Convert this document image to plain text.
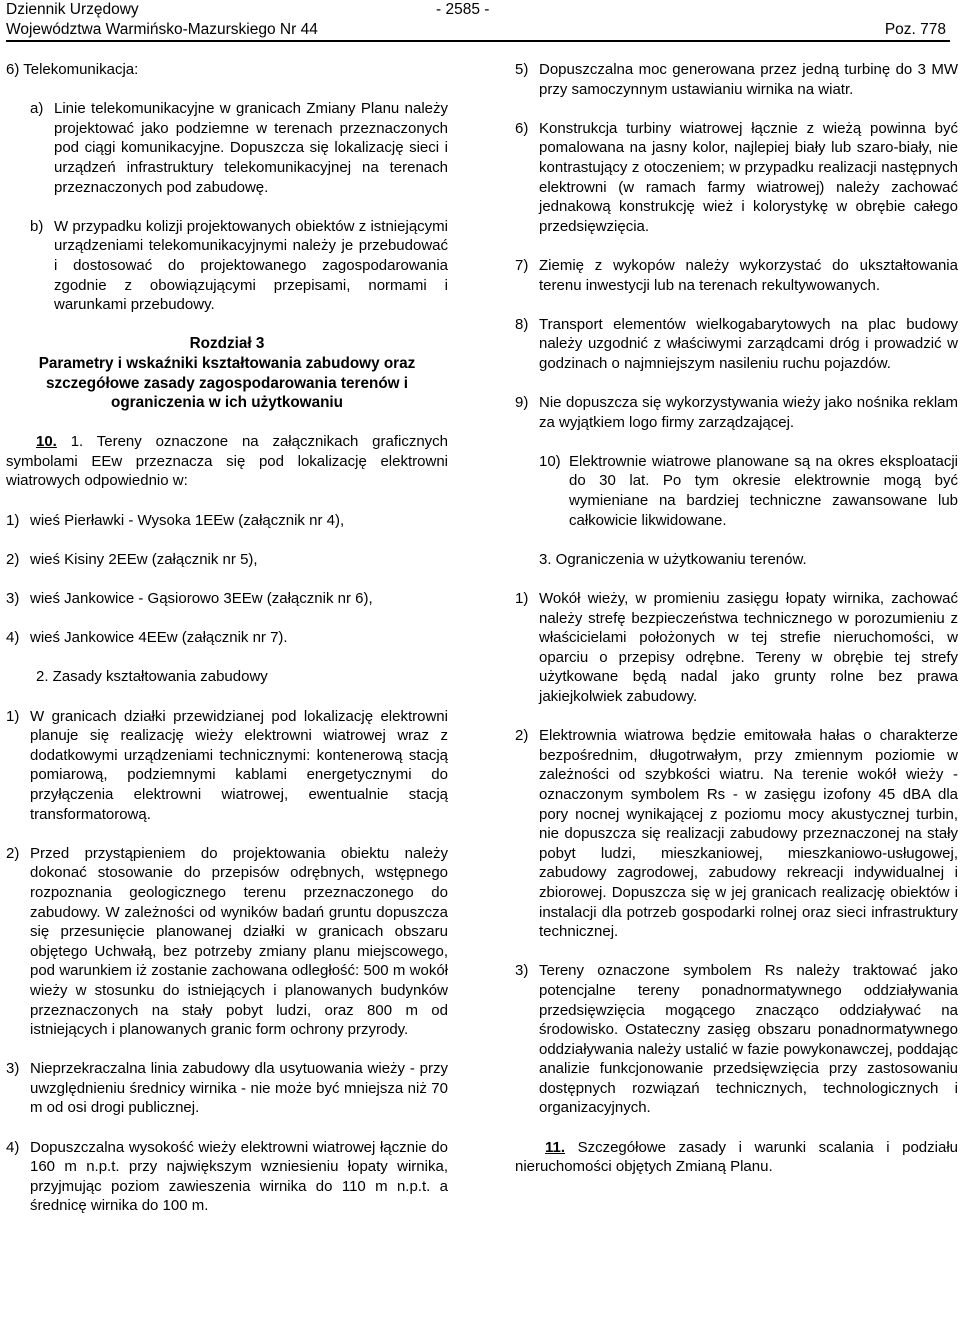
Dziennik Urzędowy
Województwa Warmińsko-Mazurskiego Nr 44
- 2585 -
Poz. 778

6) Telekomunikacja:

a) Linie telekomunikacyjne w granicach Zmiany Planu należy projektować jako podziemne w terenach przeznaczonych pod ciągi komunikacyjne. Dopuszcza się lokalizację sieci i urządzeń infrastruktury telekomunikacyjnej na terenach przeznaczonych pod zabudowę.
b) W przypadku kolizji projektowanych obiektów z istniejącymi urządzeniami telekomunikacyjnymi należy je przebudować i dostosować do projektowanego zagospodarowania zgodnie z obowiązującymi przepisami, normami i warunkami przebudowy.

Rozdział 3

Parametry i wskaźniki kształtowania zabudowy oraz szczegółowe zasady zagospodarowania terenów i ograniczenia w ich użytkowaniu

10. 1. Tereny oznaczone na załącznikach graficznych symbolami EEw przeznacza się pod lokalizację elektrowni wiatrowych odpowiednio w:

1) wieś Pierławki - Wysoka 1EEw (załącznik nr 4),
2) wieś Kisiny 2EEw (załącznik nr 5),
3) wieś Jankowice - Gąsiorowo 3EEw (załącznik nr 6),
4) wieś Jankowice 4EEw (załącznik nr 7).

2. Zasady kształtowania zabudowy

1) W granicach działki przewidzianej pod lokalizację elektrowni planuje się realizację wieży elektrowni wiatrowej wraz z dodatkowymi urządzeniami technicznymi: kontenerową stacją pomiarową, podziemnymi kablami energetycznymi do przyłączenia elektrowni wiatrowej, ewentualnie stacją transformatorową.
2) Przed przystąpieniem do projektowania obiektu należy dokonać stosowanie do przepisów odrębnych, wstępnego rozpoznania geologicznego terenu przeznaczonego do zabudowy. W zależności od wyników badań gruntu dopuszcza się przesunięcie planowanej działki w granicach obszaru objętego Uchwałą, bez potrzeby zmiany planu miejscowego, pod warunkiem iż zostanie zachowana odległość: 500 m wokół wieży w stosunku do istniejących i planowanych budynków przeznaczonych na stały pobyt ludzi, oraz 800 m od istniejących i planowanych granic form ochrony przyrody.
3) Nieprzekraczalna linia zabudowy dla usytuowania wieży - przy uwzględnieniu średnicy wirnika - nie może być mniejsza niż 70 m od osi drogi publicznej.
4) Dopuszczalna wysokość wieży elektrowni wiatrowej łącznie do 160 m n.p.t. przy największym wzniesieniu łopaty wirnika, przyjmując poziom zawieszenia wirnika do 110 m n.p.t. a średnicę wirnika do 100 m.
5) Dopuszczalna moc generowana przez jedną turbinę do 3 MW przy samoczynnym ustawianiu wirnika na wiatr.
6) Konstrukcja turbiny wiatrowej łącznie z wieżą powinna być pomalowana na jasny kolor, najlepiej biały lub szaro-biały, nie kontrastujący z otoczeniem; w przypadku realizacji następnych elektrowni (w ramach farmy wiatrowej) należy zachować jednakową konstrukcję wież i kolorystykę w obrębie całego przedsięwzięcia.
7) Ziemię z wykopów należy wykorzystać do ukształtowania terenu inwestycji lub na terenach rekultywowanych.
8) Transport elementów wielkogabarytowych na plac budowy należy uzgodnić z właściwymi zarządcami dróg i prowadzić w godzinach o najmniejszym nasileniu ruchu pojazdów.
9) Nie dopuszcza się wykorzystywania wieży jako nośnika reklam za wyjątkiem logo firmy zarządzającej.
10) Elektrownie wiatrowe planowane są na okres eksploatacji do 30 lat. Po tym okresie elektrownie mogą być wymieniane na bardziej techniczne zawansowane lub całkowicie likwidowane.

3. Ograniczenia w użytkowaniu terenów.

1) Wokół wieży, w promieniu zasięgu łopaty wirnika, zachować należy strefę bezpieczeństwa technicznego w porozumieniu z właścicielami położonych w tej strefie nieruchomości, w oparciu o przepisy odrębne. Tereny w obrębie tej strefy użytkowane będą nadal jako grunty rolne bez prawa jakiejkolwiek zabudowy.
2) Elektrownia wiatrowa będzie emitowała hałas o charakterze bezpośrednim, długotrwałym, przy zmiennym poziomie w zależności od szybkości wiatru. Na terenie wokół wieży - oznaczonym symbolem Rs - w zasięgu izofony 45 dBA dla pory nocnej wynikającej z poziomu mocy akustycznej turbin, nie dopuszcza się realizacji zabudowy przeznaczonej na stały pobyt ludzi, mieszkaniowej, mieszkaniowo-usługowej, zabudowy zagrodowej, zabudowy rekreacji indywidualnej i zbiorowej. Dopuszcza się w jej granicach realizację obiektów i instalacji dla potrzeb gospodarki rolnej oraz sieci infrastruktury technicznej.
3) Tereny oznaczone symbolem Rs należy traktować jako potencjalne tereny ponadnormatywnego oddziaływania przedsięwzięcia mogącego znacząco oddziaływać na środowisko. Ostateczny zasięg obszaru ponadnormatywnego oddziaływania należy ustalić w fazie powykonawczej, poddając analizie funkcjonowanie przedsięwzięcia przy zastosowaniu dostępnych rozwiązań technicznych, technologicznych i organizacyjnych.

11. Szczegółowe zasady i warunki scalania i podziału nieruchomości objętych Zmianą Planu.
